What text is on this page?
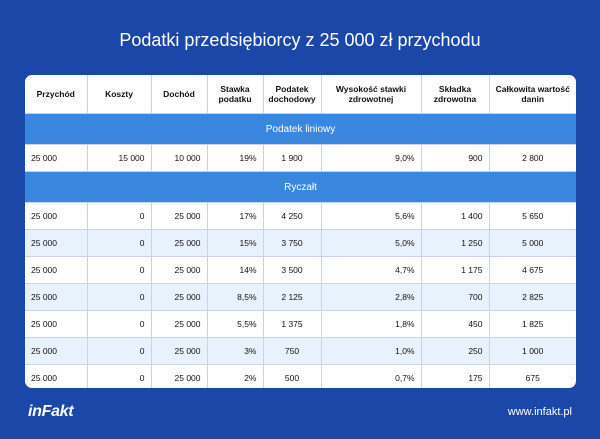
Podatki przedsiębiorcy z 25 000 zł przychodu
Przychód	Koszty	Dochód	Stawka podatku	Podatek dochodowy	Wysokość stawki zdrowotnej	Składka zdrowotna	Całkowita wartość danin
Podatek liniowy							
25 000	15 000	10 000	19%	1 900	9,0%	900	2 800
Ryczałt							
25 000	0	25 000	17%	4 250	5,6%	1 400	5 650
25 000	0	25 000	15%	3 750	5,0%	1 250	5 000
25 000	0	25 000	14%	3 500	4,7%	1 175	4 675
25 000	0	25 000	8,5%	2 125	2,8%	700	2 825
25 000	0	25 000	5,5%	1 375	1,8%	450	1 825
25 000	0	25 000	3%	750	1,0%	250	1 000
25 000	0	25 000	2%	500	0,7%	175	675
inFakt	www.infakt.pl
